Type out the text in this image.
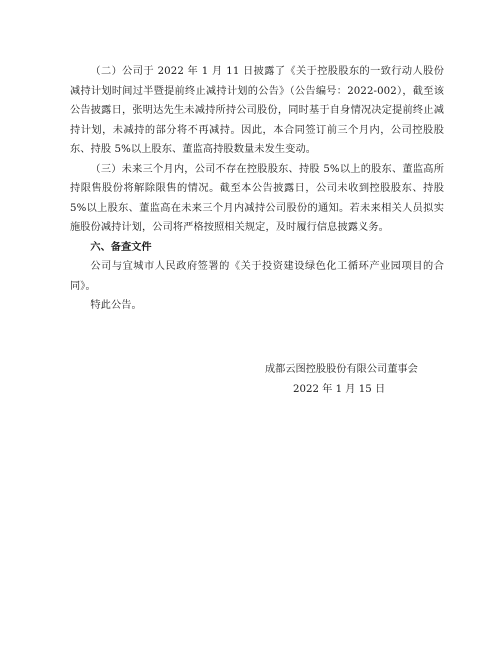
（二）公司于 2022 年 1 月 11 日披露了《关于控股股东的一致行动人股份减持计划时间过半暨提前终止减持计划的公告》（公告编号：2022-002），截至该公告披露日，张明达先生未减持所持公司股份，同时基于自身情况决定提前终止减持计划，未减持的部分将不再减持。因此，本合同签订前三个月内，公司控股股东、持股 5%以上股东、董监高持股数量未发生变动。

（三）未来三个月内，公司不存在控股股东、持股 5%以上的股东、董监高所持限售股份将解除限售的情况。截至本公告披露日，公司未收到控股股东、持股 5%以上股东、董监高在未来三个月内减持公司股份的通知。若未来相关人员拟实施股份减持计划，公司将严格按照相关规定，及时履行信息披露义务。

六、备查文件

公司与宜城市人民政府签署的《关于投资建设绿色化工循环产业园项目的合同》。

特此公告。

成都云图控股股份有限公司董事会
2022 年 1 月 15 日
